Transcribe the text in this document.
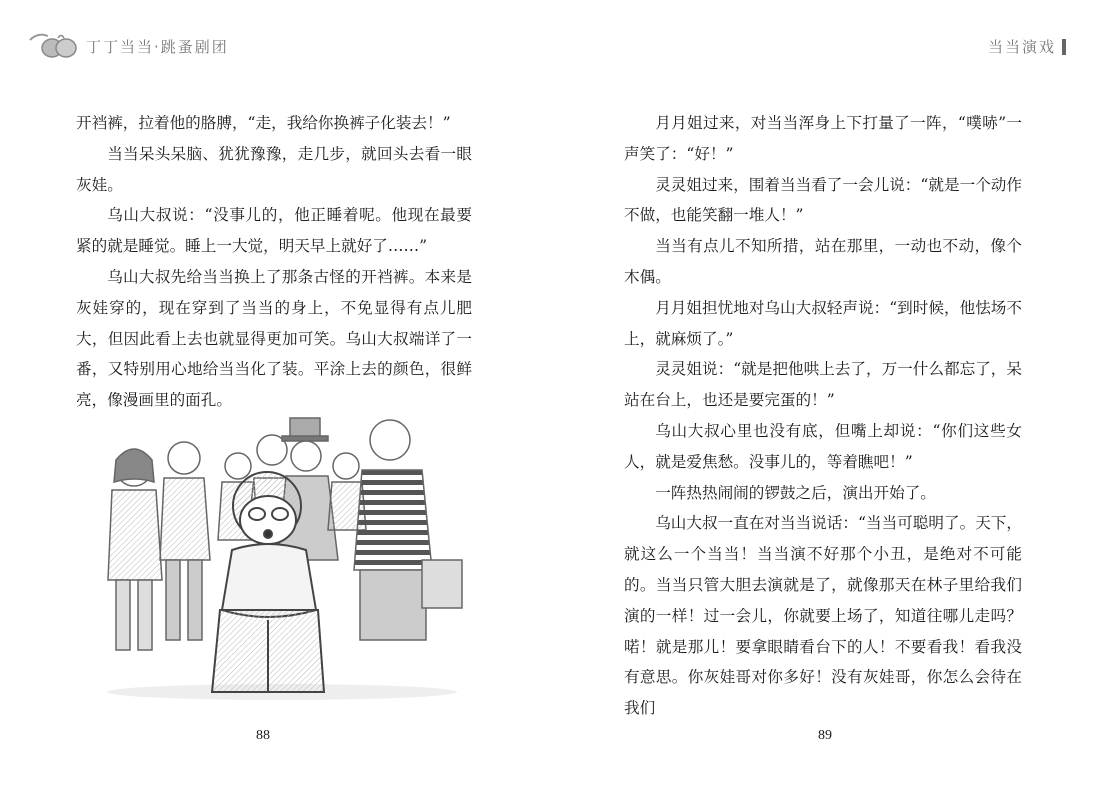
丁丁当当·跳蚤剧团

开裆裤，拉着他的胳膊，“走，我给你换裤子化装去！”

当当呆头呆脑、犹犹豫豫，走几步，就回头去看一眼灰娃。

乌山大叔说：“没事儿的，他正睡着呢。他现在最要紧的就是睡觉。睡上一大觉，明天早上就好了……”

乌山大叔先给当当换上了那条古怪的开裆裤。本来是灰娃穿的，现在穿到了当当的身上，不免显得有点儿肥大，但因此看上去也就显得更加可笑。乌山大叔端详了一番，又特别用心地给当当化了装。平涂上去的颜色，很鲜亮，像漫画里的面孔。

88
当当演戏

月月姐过来，对当当浑身上下打量了一阵，“噗哧”一声笑了：“好！”

灵灵姐过来，围着当当看了一会儿说：“就是一个动作不做，也能笑翻一堆人！”

当当有点儿不知所措，站在那里，一动也不动，像个木偶。

月月姐担忧地对乌山大叔轻声说：“到时候，他怯场不上，就麻烦了。”

灵灵姐说：“就是把他哄上去了，万一什么都忘了，呆站在台上，也还是要完蛋的！”

乌山大叔心里也没有底，但嘴上却说：“你们这些女人，就是爱焦愁。没事儿的，等着瞧吧！”

一阵热热闹闹的锣鼓之后，演出开始了。

乌山大叔一直在对当当说话：“当当可聪明了。天下，就这么一个当当！当当演不好那个小丑，是绝对不可能的。当当只管大胆去演就是了，就像那天在林子里给我们演的一样！过一会儿，你就要上场了，知道往哪儿走吗？喏！就是那儿！要拿眼睛看台下的人！不要看我！看我没有意思。你灰娃哥对你多好！没有灰娃哥，你怎么会待在我们

89
